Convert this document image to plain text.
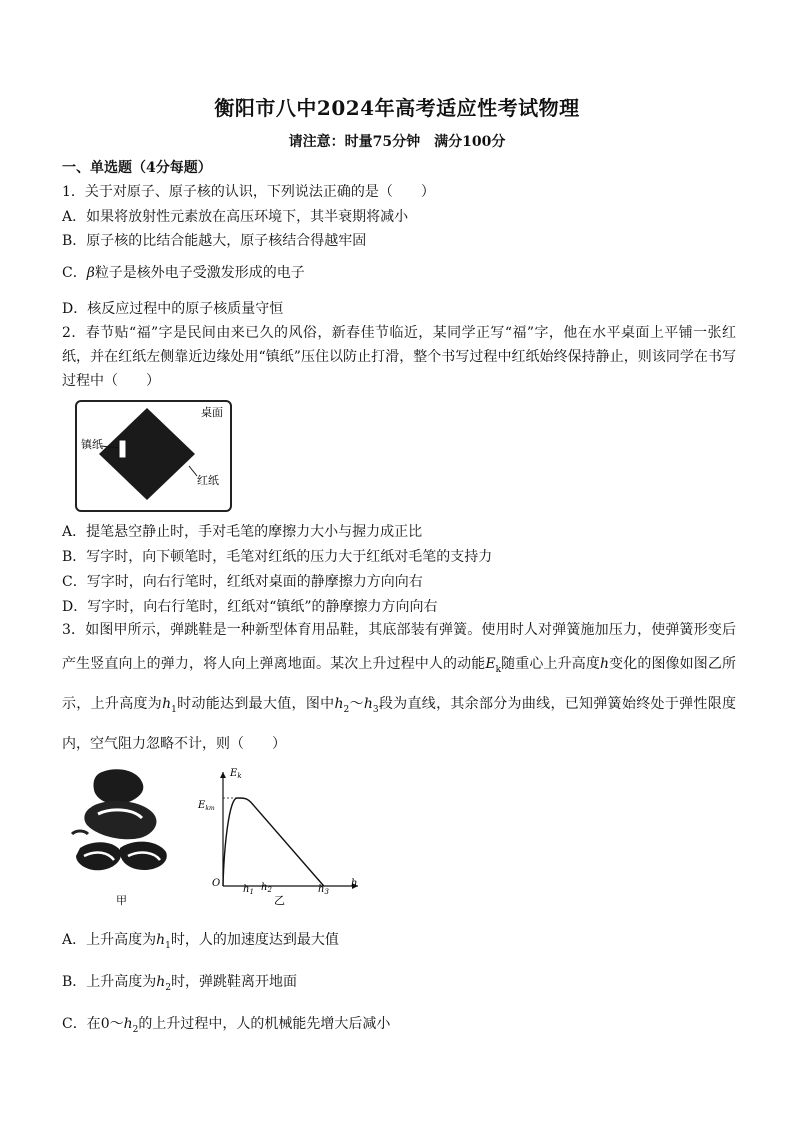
衡阳市八中2024年高考适应性考试物理
请注意：时量75分钟　满分100分
一、单选题（4分每题）
1．关于对原子、原子核的认识，下列说法正确的是（　　）
A．如果将放射性元素放在高压环境下，其半衰期将减小
B．原子核的比结合能越大，原子核结合得越牢固
C．β粒子是核外电子受激发形成的电子
D．核反应过程中的原子核质量守恒
2．春节贴“福”字是民间由来已久的风俗，新春佳节临近，某同学正写“福”字，他在水平桌面上平铺一张红纸，并在红纸左侧靠近边缘处用“镇纸”压住以防止打滑，整个书写过程中红纸始终保持静止，则该同学在书写过程中（　　）
桌面
镇纸
红纸
A．提笔悬空静止时，手对毛笔的摩擦力大小与握力成正比
B．写字时，向下顿笔时，毛笔对红纸的压力大于红纸对毛笔的支持力
C．写字时，向右行笔时，红纸对桌面的静摩擦力方向向右
D．写字时，向右行笔时，红纸对“镇纸”的静摩擦力方向向右
3．如图甲所示，弹跳鞋是一种新型体育用品鞋，其底部装有弹簧。使用时人对弹簧施加压力，使弹簧形变后产生竖直向上的弹力，将人向上弹离地面。某次上升过程中人的动能$E_k$随重心上升高度h变化的图像如图乙所示，上升高度为$h_1$时动能达到最大值，图中$h_2\sim h_3$段为直线，其余部分为曲线，已知弹簧始终处于弹性限度内，空气阻力忽略不计，则（　　）
甲
$E_k$
$E_{km}$
O	h
$h_1$ $h_2$	$h_3$
乙
A．上升高度为$h_1$时，人的加速度达到最大值
B．上升高度为$h_2$时，弹跳鞋离开地面
C．在$0\sim h_2$的上升过程中，人的机械能先增大后减小
